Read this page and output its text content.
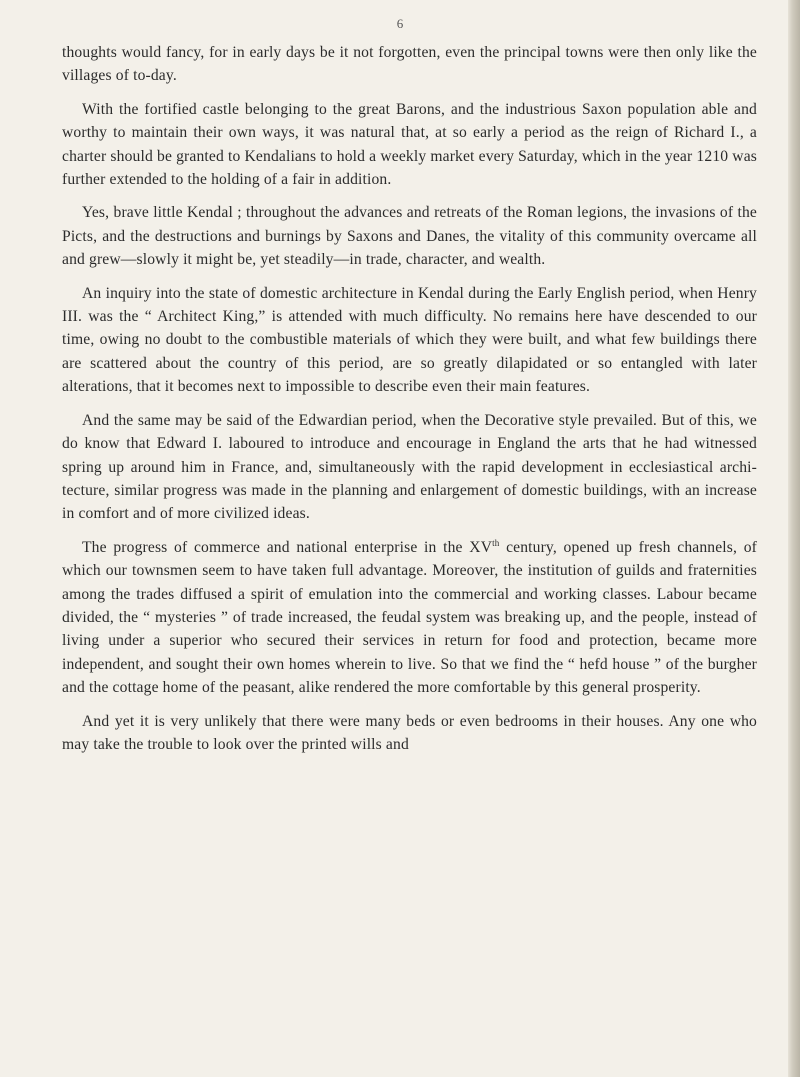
6

thoughts would fancy, for in early days be it not forgotten, even the principal towns were then only like the villages of to-day.

With the fortified castle belonging to the great Barons, and the industrious Saxon population able and worthy to maintain their own ways, it was natural that, at so early a period as the reign of Richard I., a charter should be granted to Kendalians to hold a weekly market every Saturday, which in the year 1210 was further extended to the holding of a fair in addition.

Yes, brave little Kendal ; throughout the advances and retreats of the Roman legions, the invasions of the Picts, and the destructions and burnings by Saxons and Danes, the vitality of this community overcame all and grew—slowly it might be, yet steadily—in trade, character, and wealth.

An inquiry into the state of domestic architecture in Kendal during the Early English period, when Henry III. was the “ Architect King,” is attended with much difficulty. No remains here have descended to our time, owing no doubt to the combustible materials of which they were built, and what few buildings there are scattered about the country of this period, are so greatly dilapidated or so entangled with later alterations, that it becomes next to impossible to describe even their main features.

And the same may be said of the Edwardian period, when the Decorative style prevailed. But of this, we do know that Edward I. laboured to introduce and encourage in England the arts that he had witnessed spring up around him in France, and, simultaneously with the rapid development in ecclesiastical archi- tecture, similar progress was made in the planning and enlargement of domestic buildings, with an increase in comfort and of more civilized ideas.

The progress of commerce and national enterprise in the XVth century, opened up fresh channels, of which our townsmen seem to have taken full advantage. Moreover, the institution of guilds and fraternities among the trades diffused a spirit of emulation into the commercial and working classes. Labour became divided, the “ mysteries ” of trade increased, the feudal system was breaking up, and the people, instead of living under a superior who secured their services in return for food and protection, became more independent, and sought their own homes wherein to live. So that we find the “ hefd house ” of the burgher and the cottage home of the peasant, alike rendered the more comfortable by this general prosperity.

And yet it is very unlikely that there were many beds or even bedrooms in their houses. Any one who may take the trouble to look over the printed wills and
